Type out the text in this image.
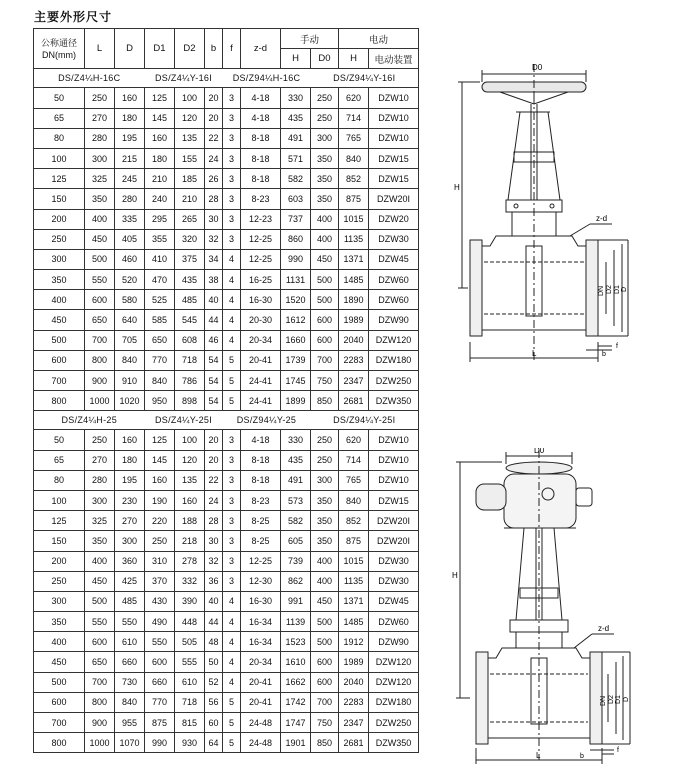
主要外形尺寸
公称通径
DN(mm)	L	D	D1	D2	b	f	z-d	手动		电动	
								H	D0	H	电动装置
DS/Z4¼H-16C			DS/Z4¼Y-16I			DS/Z94¼H-16C			DS/Z94¼Y-16I		
50	250	160	125	100	20	3	4-18	330	250	620	DZW10
65	270	180	145	120	20	3	4-18	435	250	714	DZW10
80	280	195	160	135	22	3	8-18	491	300	765	DZW10
100	300	215	180	155	24	3	8-18	571	350	840	DZW15
125	325	245	210	185	26	3	8-18	582	350	852	DZW15
150	350	280	240	210	28	3	8-23	603	350	875	DZW20I
200	400	335	295	265	30	3	12-23	737	400	1015	DZW20
250	450	405	355	320	32	3	12-25	860	400	1135	DZW30
300	500	460	410	375	34	4	12-25	990	450	1371	DZW45
350	550	520	470	435	38	4	16-25	1131	500	1485	DZW60
400	600	580	525	485	40	4	16-30	1520	500	1890	DZW60
450	650	640	585	545	44	4	20-30	1612	600	1989	DZW90
500	700	705	650	608	46	4	20-34	1660	600	2040	DZW120
600	800	840	770	718	54	5	20-41	1739	700	2283	DZW180
700	900	910	840	786	54	5	24-41	1745	750	2347	DZW250
800	1000	1020	950	898	54	5	24-41	1899	850	2681	DZW350
DS/Z4¼H-25			DS/Z4¼Y-25I			DS/Z94¼Y-25			DS/Z94¼Y-25I		
50	250	160	125	100	20	3	4-18	330	250	620	DZW10
65	270	180	145	120	20	3	8-18	435	250	714	DZW10
80	280	195	160	135	22	3	8-18	491	300	765	DZW10
100	300	230	190	160	24	3	8-23	573	350	840	DZW15
125	325	270	220	188	28	3	8-25	582	350	852	DZW20I
150	350	300	250	218	30	3	8-25	605	350	875	DZW20I
200	400	360	310	278	32	3	12-25	739	400	1015	DZW30
250	450	425	370	332	36	3	12-30	862	400	1135	DZW30
300	500	485	430	390	40	4	16-30	991	450	1371	DZW45
350	550	550	490	448	44	4	16-34	1139	500	1485	DZW60
400	600	610	550	505	48	4	16-34	1523	500	1912	DZW90
450	650	660	600	555	50	4	20-34	1610	600	1989	DZW120
500	700	730	660	610	52	4	20-41	1662	600	2040	DZW120
600	800	840	770	718	56	5	20-41	1742	700	2283	DZW180
700	900	955	875	815	60	5	24-48	1747	750	2347	DZW250
800	1000	1070	990	930	64	5	24-48	1901	850	2681	DZW350
D0
H
z-d
DN D2 D1 D
L
f
b
D0
H
z-d
DN D2 D1 D
L
f
b
